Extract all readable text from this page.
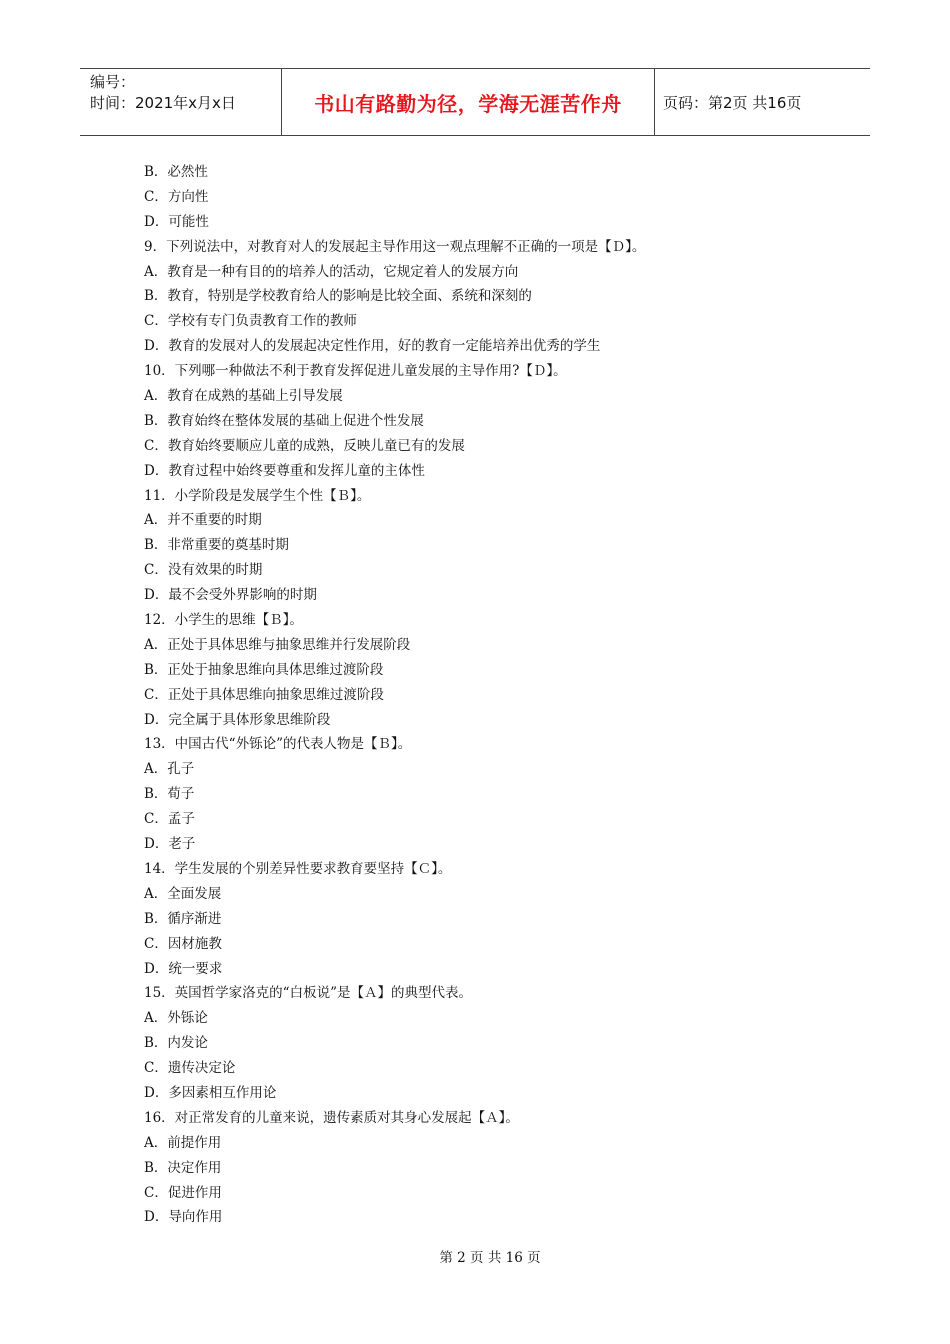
编号：
时间：2021年x月x日	书山有路勤为径，学海无涯苦作舟	页码：第2页 共16页
B．必然性
C．方向性
D．可能性
9．下列说法中，对教育对人的发展起主导作用这一观点理解不正确的一项是【Ｄ】。
A．教育是一种有目的的培养人的活动，它规定着人的发展方向
B．教育，特别是学校教育给人的影响是比较全面、系统和深刻的
C．学校有专门负责教育工作的教师
D．教育的发展对人的发展起决定性作用，好的教育一定能培养出优秀的学生
10．下列哪一种做法不利于教育发挥促进儿童发展的主导作用?【Ｄ】。
A．教育在成熟的基础上引导发展
B．教育始终在整体发展的基础上促进个性发展
C．教育始终要顺应儿童的成熟，反映儿童已有的发展
D．教育过程中始终要尊重和发挥儿童的主体性
11．小学阶段是发展学生个性【Ｂ】。
A．并不重要的时期
B．非常重要的奠基时期
C．没有效果的时期
D．最不会受外界影响的时期
12．小学生的思维【Ｂ】。
A．正处于具体思维与抽象思维并行发展阶段
B．正处于抽象思维向具体思维过渡阶段
C．正处于具体思维向抽象思维过渡阶段
D．完全属于具体形象思维阶段
13．中国古代“外铄论”的代表人物是【Ｂ】。
A．孔子
B．荀子
C．孟子
D．老子
14．学生发展的个别差异性要求教育要坚持【Ｃ】。
A．全面发展
B．循序渐进
C．因材施教
D．统一要求
15．英国哲学家洛克的“白板说”是【Ａ】的典型代表。
A．外铄论
B．内发论
C．遗传决定论
D．多因素相互作用论
16．对正常发育的儿童来说，遗传素质对其身心发展起【Ａ】。
A．前提作用
B．决定作用
C．促进作用
D．导向作用
第 2 页 共 16 页
